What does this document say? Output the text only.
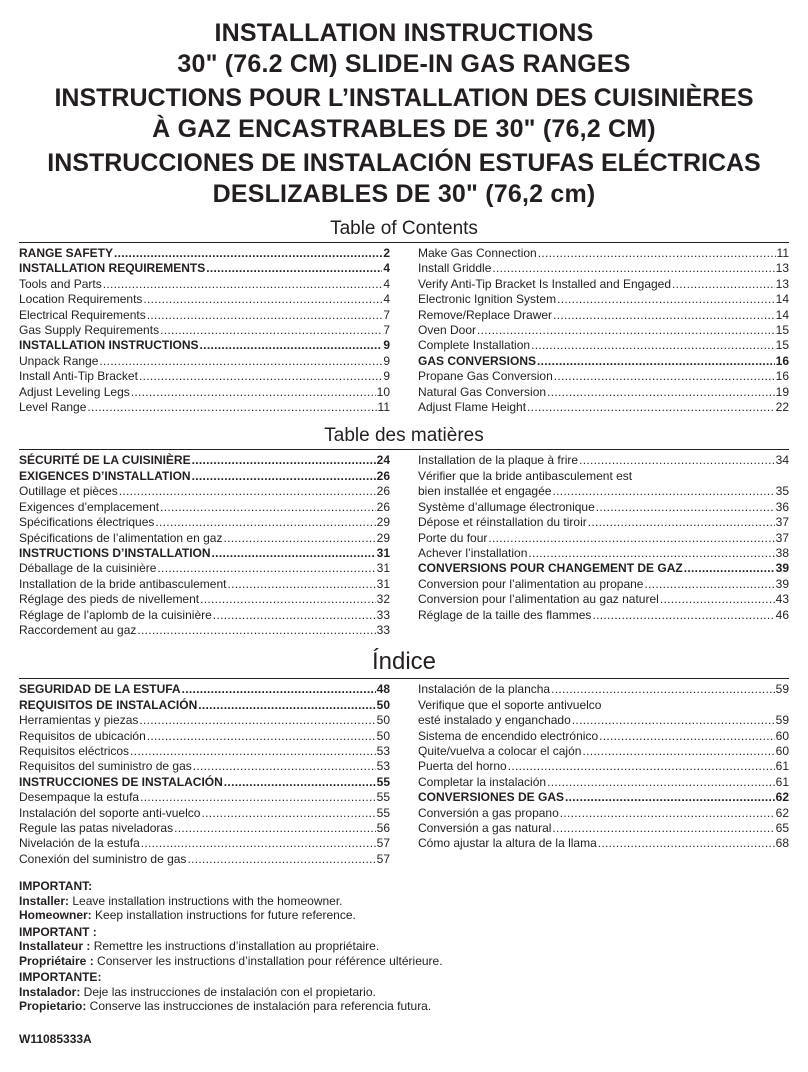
INSTALLATION INSTRUCTIONS
30" (76.2 CM) SLIDE-IN GAS RANGES
INSTRUCTIONS POUR L’INSTALLATION DES CUISINIÈRES
À GAZ ENCASTRABLES DE 30" (76,2 CM)
INSTRUCCIONES DE INSTALACIÓN ESTUFAS ELÉCTRICAS
DESLIZABLES DE 30" (76,2 cm)
Table of Contents
RANGE SAFETY .....	2
INSTALLATION REQUIREMENTS .....	4
Tools and Parts .....	4
Location Requirements .....	4
Electrical Requirements .....	7
Gas Supply Requirements .....	7
INSTALLATION INSTRUCTIONS .....	9
Unpack Range .....	9
Install Anti-Tip Bracket .....	9
Adjust Leveling Legs .....	10
Level Range .....	11
Make Gas Connection .....	11
Install Griddle .....	13
Verify Anti-Tip Bracket Is Installed and Engaged .....	13
Electronic Ignition System .....	14
Remove/Replace Drawer .....	14
Oven Door .....	15
Complete Installation .....	15
GAS CONVERSIONS .....	16
Propane Gas Conversion .....	16
Natural Gas Conversion .....	19
Adjust Flame Height .....	22
Table des matières
SÉCURITÉ DE LA CUISINIÈRE .....	24
EXIGENCES D’INSTALLATION .....	26
Outillage et pièces .....	26
Exigences d’emplacement .....	26
Spécifications électriques .....	29
Spécifications de l’alimentation en gaz .....	29
INSTRUCTIONS D’INSTALLATION .....	31
Déballage de la cuisinière .....	31
Installation de la bride antibasculement .....	31
Réglage des pieds de nivellement .....	32
Réglage de l’aplomb de la cuisinière .....	33
Raccordement au gaz .....	33
Installation de la plaque à frire .....	34
Vérifier que la bride antibasculement est
bien installée et engagée .....	35
Système d’allumage électronique .....	36
Dépose et réinstallation du tiroir .....	37
Porte du four .....	37
Achever l’installation .....	38
CONVERSIONS POUR CHANGEMENT DE GAZ .....	39
Conversion pour l’alimentation au propane .....	39
Conversion pour l’alimentation au gaz naturel .....	43
Réglage de la taille des flammes .....	46
Índice
SEGURIDAD DE LA ESTUFA .....	48
REQUISITOS DE INSTALACIÓN .....	50
Herramientas y piezas .....	50
Requisitos de ubicación .....	50
Requisitos eléctricos .....	53
Requisitos del suministro de gas .....	53
INSTRUCCIONES DE INSTALACIÓN .....	55
Desempaque la estufa .....	55
Instalación del soporte anti-vuelco .....	55
Regule las patas niveladoras .....	56
Nivelación de la estufa .....	57
Conexión del suministro de gas .....	57
Instalación de la plancha .....	59
Verifique que el soporte antivuelco
esté instalado y enganchado .....	59
Sistema de encendido electrónico .....	60
Quite/vuelva a colocar el cajón .....	60
Puerta del horno .....	61
Completar la instalación .....	61
CONVERSIONES DE GAS .....	62
Conversión a gas propano .....	62
Conversión a gas natural .....	65
Cómo ajustar la altura de la llama .....	68
IMPORTANT:
Installer: Leave installation instructions with the homeowner.
Homeowner: Keep installation instructions for future reference.
IMPORTANT :
Installateur : Remettre les instructions d’installation au propriétaire.
Propriétaire : Conserver les instructions d’installation pour référence ultérieure.
IMPORTANTE:
Instalador: Deje las instrucciones de instalación con el propietario.
Propietario: Conserve las instrucciones de instalación para referencia futura.
W11085333A
